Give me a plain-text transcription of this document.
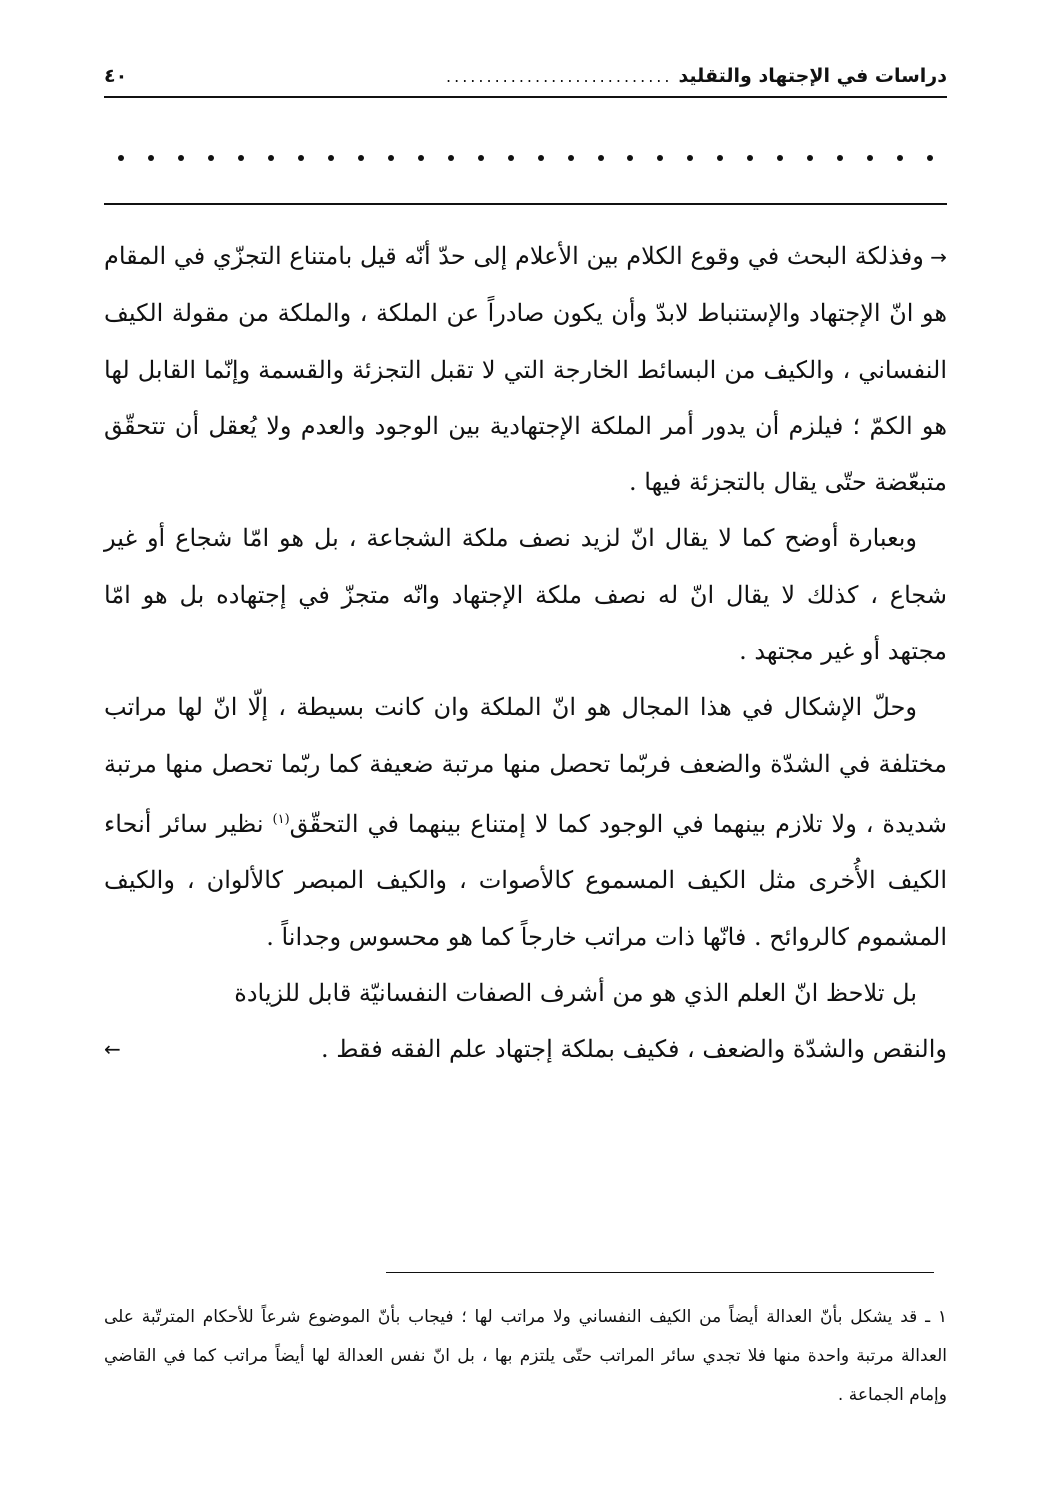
دراسات في الإجتهاد والتقليد
............................
٤٠

→ وفذلكة البحث في وقوع الكلام بين الأعلام إلى حدّ أنّه قيل بامتناع التجزّي في المقام هو انّ الإجتهاد والإستنباط لابدّ وأن يكون صادراً عن الملكة ، والملكة من مقولة الكيف النفساني ، والكيف من البسائط الخارجة التي لا تقبل التجزئة والقسمة وإنّما القابل لها هو الكمّ ؛ فيلزم أن يدور أمر الملكة الإجتهادية بين الوجود والعدم ولا يُعقل أن تتحقّق متبعّضة حتّى يقال بالتجزئة فيها .

وبعبارة أوضح كما لا يقال انّ لزيد نصف ملكة الشجاعة ، بل هو امّا شجاع أو غير شجاع ، كذلك لا يقال انّ له نصف ملكة الإجتهاد وانّه متجزّ في إجتهاده بل هو امّا مجتهد أو غير مجتهد .

وحلّ الإشكال في هذا المجال هو انّ الملكة وان كانت بسيطة ، إلّا انّ لها مراتب مختلفة في الشدّة والضعف فربّما تحصل منها مرتبة ضعيفة كما ربّما تحصل منها مرتبة شديدة ، ولا تلازم بينهما في الوجود كما لا إمتناع بينهما في التحقّق$^{(١)}$ نظير سائر أنحاء الكيف الأُخرى مثل الكيف المسموع كالأصوات ، والكيف المبصر كالألوان ، والكيف المشموم كالروائح . فانّها ذات مراتب خارجاً كما هو محسوس وجداناً .

بل تلاحظ انّ العلم الذي هو من أشرف الصفات النفسانيّة قابل للزيادة

والنقص والشدّة والضعف ، فكيف بملكة إجتهاد علم الفقه فقط .
←

١ ـ قد يشكل بأنّ العدالة أيضاً من الكيف النفساني ولا مراتب لها ؛ فيجاب بأنّ الموضوع شرعاً للأحكام المترتّبة على العدالة مرتبة واحدة منها فلا تجدي سائر المراتب حتّى يلتزم بها ، بل انّ نفس العدالة لها أيضاً مراتب كما في القاضي وإمام الجماعة .
